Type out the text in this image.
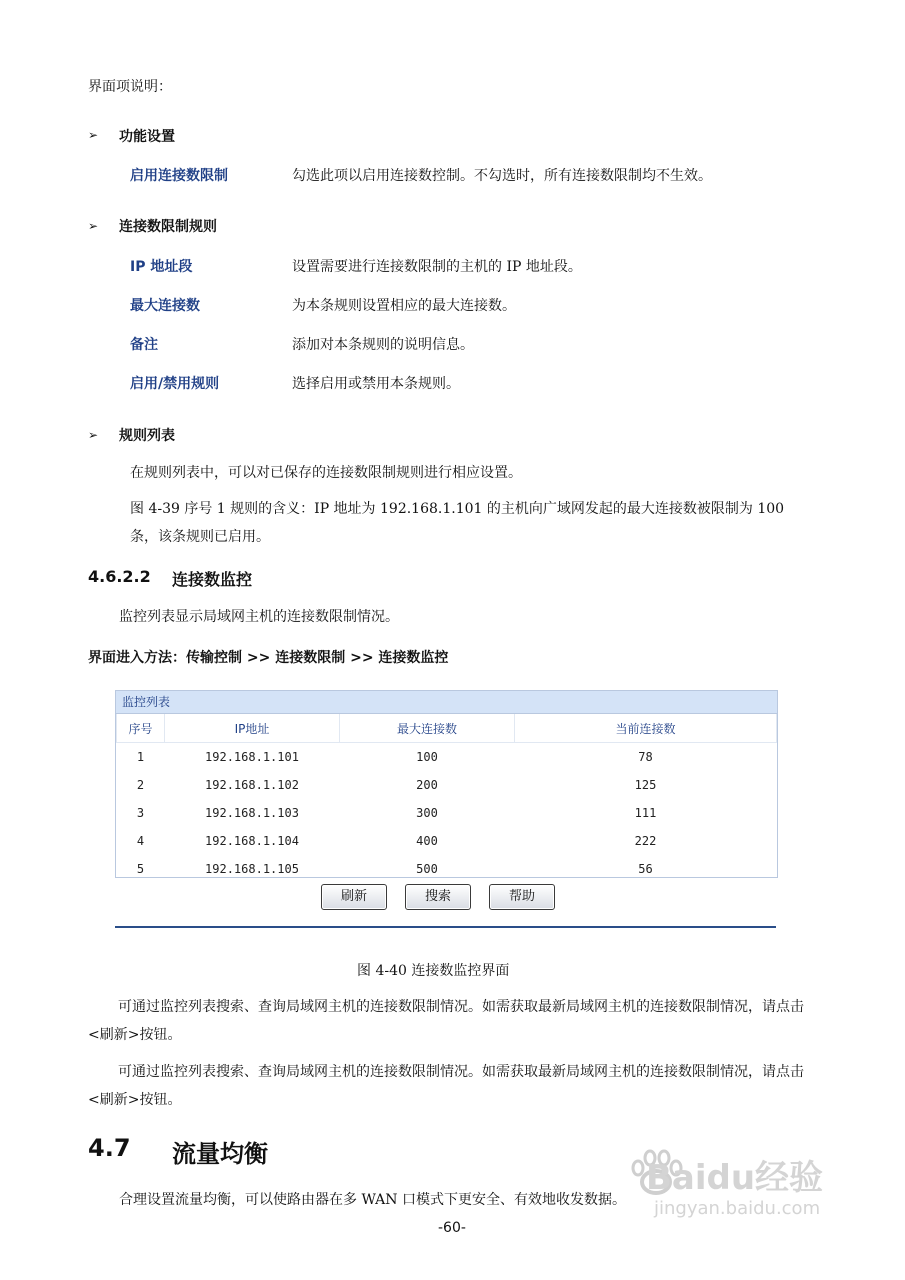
界面项说明：
➢ 功能设置
启用连接数限制	勾选此项以启用连接数控制。不勾选时，所有连接数限制均不生效。
➢ 连接数限制规则
IP 地址段	设置需要进行连接数限制的主机的 IP 地址段。
最大连接数	为本条规则设置相应的最大连接数。
备注	添加对本条规则的说明信息。
启用/禁用规则	选择启用或禁用本条规则。
➢ 规则列表
在规则列表中，可以对已保存的连接数限制规则进行相应设置。
图 4-39 序号 1 规则的含义：IP 地址为 192.168.1.101 的主机向广域网发起的最大连接数被限制为 100 条，该条规则已启用。
4.6.2.2 连接数监控
监控列表显示局域网主机的连接数限制情况。
界面进入方法：传输控制 >> 连接数限制 >> 连接数监控
监控列表
序号	IP地址	最大连接数	当前连接数
1	192.168.1.101	100	78
2	192.168.1.102	200	125
3	192.168.1.103	300	111
4	192.168.1.104	400	222
5	192.168.1.105	500	56
刷新	搜索	帮助
图 4-40 连接数监控界面
可通过监控列表搜索、查询局域网主机的连接数限制情况。如需获取最新局域网主机的连接数限制情况，请点击<刷新>按钮。
可通过监控列表搜索、查询局域网主机的连接数限制情况。如需获取最新局域网主机的连接数限制情况，请点击<刷新>按钮。
4.7 流量均衡
合理设置流量均衡，可以使路由器在多 WAN 口模式下更安全、有效地收发数据。
-60-
Baidu经验
jingyan.baidu.com
